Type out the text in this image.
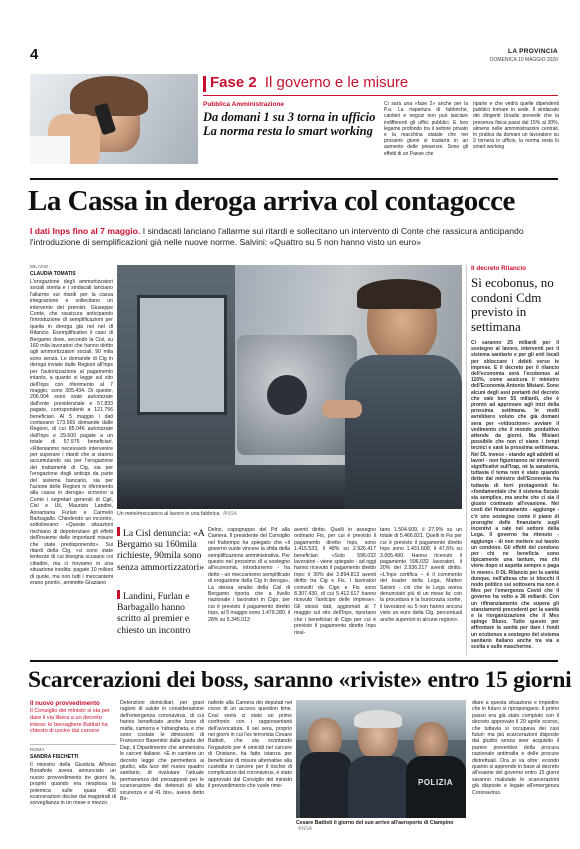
4	LA PROVINCIA
DOMENICA 10 MAGGIO 2020
Fase 2 Il governo e le misure
Pubblica Amministrazione
Da domani 1 su 3 torna in ufficio
La norma resta lo smart working
Ci sarà una «fase 2» anche per la P.a. La riapertura di fabbriche, cantieri e negozi non può lasciare indifferenti gli uffici pubblici. E loro legame profondo tra il settore privato e la macchina statale che nei prossimi giorni si tradurrà in un aumento delle presenze. Sono gli effetti di un Paese che
riparte e che vedrà quelle dipendenti pubblici tornare in sede. Il sindacato dei dirigenti Unadis prevede che la presenza fisica passi dal 15% al 30%, almeno nelle amministrazioni centrali. In pratica da domani un lavoratore su 3 tornerà in ufficio, la norma resta lo smart working
La Cassa in deroga arriva col contagocce
I dati Inps fino al 7 maggio. I sindacati lanciano l'allarme sui ritardi e sollecitano un intervento di Conte che rassicura anticipando l'introduzione di semplificazioni già nelle nuove norme. Salvini: «Quattro su 5 non hanno visto un euro»
Un mete/meccanico al lavoro in una fabbrica ANSA
MILANO
CLAUDIA TOMATIS
L'erogazione degli ammortizzatori sociali stenta e i sindacati lanciano l'allarme sui ritardi per la cassa integrazione e sollecitano un intervento del premier, Giuseppe Conte, che rassicura anticipando l'introduzione di semplificazioni per quella in deroga già nel nel dl Rilancio. Esemplificativo il caso di Bergamo dove, secondo la Cisl, su 160 mila lavoratori che hanno diritto agli ammortizzatori sociali, 90 mila sono senza. Le domande di Cig in deroga inviate dalle Regioni all'Inps per l'autorizzazione al pagamento intanto, a quanto si legge sul sito dell'Inps con riferimento al 7 maggio, sono 305.434. Di queste, 206.904 sono state autorizzate dall'ente previdenziale e 57.833 pagate, corrispondenti a 121.756 beneficiari. Al 5 maggio i dati contavano 173.565 domande dalle Regioni, di cui 85.046 autorizzate dall'Inps e 29.600 pagate a un totale di 57.975 beneficiari. «Ritenianmo necessario intervenire per superare i ritardi che si stanno accumulando sia per l'erogazione dei trattamenti di Cig, sia per l'erogazione degli anticipi da parte del sistema bancario, sia per l'azione delle Regioni in riferimento alla cassa in deroga» scrivono a Conte i segretari generali di Cgil, Cisl e Uil, Maurizio Landini, Annamaria Furlan e Carmelo Barbagallo. Chiedendo un incontro, sottolineano: «Queste situazioni rischiano di depotenziare gli effetti dell'insieme delle importanti misure che state predisponendo». Sui ritardi della Cig, «ci sono state lentezze di cui bisogna scusarsi coi cittadini, ma ci troviamo in una situazione inedita: pagate 10 milioni di quote, ma non tutti i meccanismi erano pronti», ammette Graziano
La Cisl denuncia: «A Bergamo su 160mila richieste, 90mila sono senza ammortizzatori»
Landini, Furlan e Barbagallo hanno scritto al premier e chiesto un incontro
Delrio, capogruppo del Pd alla Camera. Il presidente del Consiglio nel frattempo ha spiegato che «il governo vuole vincere la sfida della semplificazione amministrativa. Per questo nel prossimo dl a sostegno all'economia, introdurremo - ha detto - un meccanismo semplificato di erogazione della Cig in deroga». La stessa analisi della Cisl di Bergamo riporta che a livello nazionale i lavoratori in Cigo, per cui è previsto il pagamento diretto Inps, al 5 maggio sono 1.479.280, il 28% su 5.345.013
aventi diritto. Quelli in assegno ordinario Fis, per cui è previsto il pagamento diretto Inps, sono 1.415.533, il 48% su 2.926.417 beneficiari. «Solo 596.032 lavoratori - viene spiegato - ad oggi hanno ricevuto il pagamento diretto Inps: il 30% dei 2.894.813 aventi diritto tra Cig e Fis. I lavoratori coinvolti da Cigo e Fis sono 8.307.430, di cui 5.412.617 hanno ricevuto l'anticipo delle imprese». Gli stessi dati, aggiornati al 7 maggio sul sito dell'Inps, riportano che i beneficiari di Cigo per cui è previsto il pagamento diretto Inps risul-
tano 1.504.609, il 27,9% su un totale di 5.466.821. Quelli in Fis per cui è previsto il pagamento diretto Inps sono 1.431.608, il 47,6% su 3.005.490. Hanno ricevuto il pagamento 596.032 lavoratori, il 20% dei 2.936.217 aventi diritto. «L'Inps certifica – è il commento del leader della Lega, Matteo Salvini - ciò che la Lega aveva denunciato più di un mese fa: con la procedura e la burocrazia scelte, il lavoratori su 5 non hanno ancora visto un euro della Cig, percentuali anche superiori in alcune regioni».
Il decreto Rilancio
Sì ecobonus, no condoni Cdm previsto in settimana
Ci saranno 25 miliardi per il sostegno al lavoro, interventi per il sistema sanitario e per gli enti locali per sbloccare i debiti verso le imprese. E il decreto per il rilancio dell'economia avrà l'ecobonus al 110%, come assicura il ministro dell'Economia Antonio Misiani. Sono alcuni degli assi portanti del decreto che vale ben 55 miliardi, che è pronto ad approvare agli inizi della prossima settimana. In molti avrebbero voluto che già domani sera per «vidoozione» avviare il vedimento che il mondo produttivo attende da giorni. Ma Misiani possibile che non ci siano i tempi tecnici e sarà la prossima settimana. Nel DL invece - stando agli addetti ai lavori - non figureranno né interventi significativi sull'Irap, né la sanatoria, tuttavia il tema non è stato quando detto dal ministro dell'Economia ha tuttavia di ferri protagonisti fa: «fondamentale che il sistema fiscale sia semplice, ma anche che ci sia il giusto contrasto all'evasione. Nei costi del finanziamento - aggiunge - c'è uno sostegno come il piano di proroghe delle finanziarie sugli incentivi a rate nel settore della Lega. Il governo ha ritenuto - aggiunge - di non mettere sul tavolo un condono. Gli effetti del condono per chi ne beneficia sono tipicamente una tantum, ma chi viene dopo si aspetta sempre e paga in meno». Il DL Rilancio per la sanità dunque, nell'attesa che si blocchi il nodo politico sui sottosera ma non è Mes per l'emergenza Covid che il governo ha volto a 36 miliardi. Con un rifinanziamento che supera gli stanziamenti precedenti per la sanità e la riorganizzazione che il Mes spinge Bluno. Tutto questo per affrontare la sanità per dare i fondi un ecobonus a sostegno del sistema sanitario italiano anche tra via a scelta e sulle mascherine.
Scarcerazioni dei boss, saranno «riviste» entro 15 giorni
Il nuovo provvedimento
Il Consiglio dei ministri si sta per dare il via libera a un decreto inteso: le bersagliere Battisti ha chiesto di uscire dal carcere
ROMA
SANDRA FISCHETTI
Il ministro della Giustizia Alfonso Bonafede aveva annunciato un nuovo provvedimento tre giorni fa, proprio quando era riesplosa la polemica sulle quasi 400 scarcerazioni decise dai magistrati di sorveglianza in un mese e mezzo.
Detenzioni domiciliari, per gravi ragioni di salute in considerazione dell'emergenza coronavirus, di cui hanno beneficiato anche boss di mafia, camorra e 'ndrangheta, e che sono costate le dimissioni di Francesco Basentini dalla guida del Dap, il Dipartimento che amministra le carceri italiane. «E in cantiere un decreto legge che permetterà ai giudici, alla luce del nuovo quadro sanitario, di rivalutare l'attuale permanenza dei presupposti per le scarcerazioni dei detenuti di alta sicurezza e al 41 bis», aveva detto Bo-
nafede alla Camera dei deputati nel corso di un acceso question time. Così verrà ci stato un primo confronto con i rappresentanti dell'avvocatura. Il sei sera, proprio nei giorni in cui l'ex terrorista Cesare Battisti, che sta scontando l'ergastolo per 4 omicidi nel carcere di Oristano, ha fatto istanza per beneficiare di misure alternative alla custodia in carcere per il rischio di complicanze del coronavirus, è stato approvato dal Consiglio dei ministri il provvedimento che vuole rime-	POLIZIA
Cesare Battisti il giorno del suo arrivo all'aeroporto di Ciampino ANSA
diare a questa situazione e impedire che in futuro si ripropongano. Il primo passo era già stato compiuto con il decreto approvato il 29 aprile scorso, che tuttavia si occupava dei casi futuri: ma più scarcerazioni disposte dai giudici senza aver acquisito il parere preventivo della procura nazionale antimafia e delle procure distrettuali. Ora si va oltre: econdo quanto si apprende in base al decreto all'esame del governo entro 15 giorni saranno rivalutate le scarcerazioni già disposte e legate all'emergenza Coronavirus.
